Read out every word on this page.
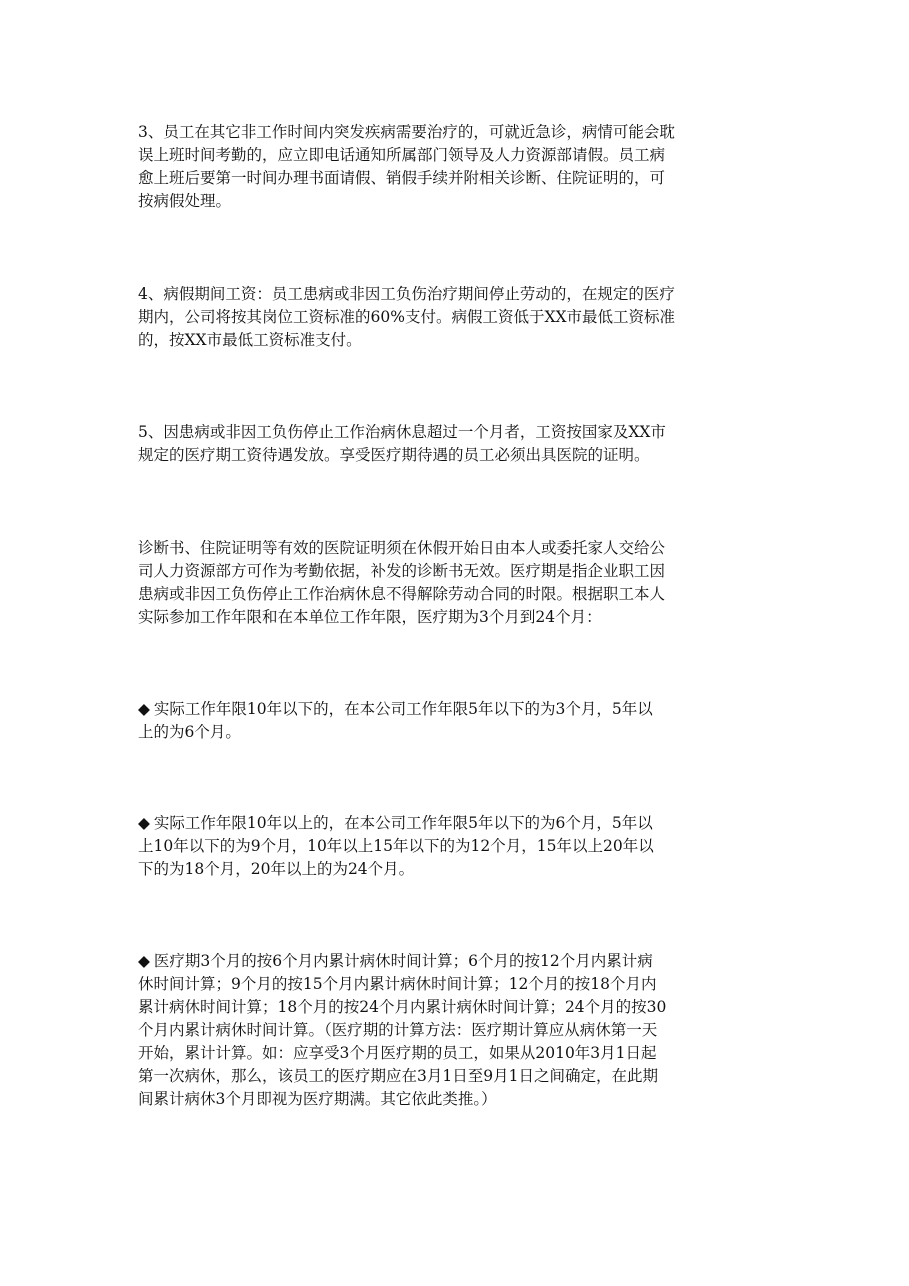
3、员工在其它非工作时间内突发疾病需要治疗的，可就近急诊，病情可能会耽
误上班时间考勤的，应立即电话通知所属部门领导及人力资源部请假。员工病
愈上班后要第一时间办理书面请假、销假手续并附相关诊断、住院证明的，可
按病假处理。

4、病假期间工资：员工患病或非因工负伤治疗期间停止劳动的，在规定的医疗
期内，公司将按其岗位工资标准的60%支付。病假工资低于XX市最低工资标准
的，按XX市最低工资标准支付。

5、因患病或非因工负伤停止工作治病休息超过一个月者，工资按国家及XX市
规定的医疗期工资待遇发放。享受医疗期待遇的员工必须出具医院的证明。

诊断书、住院证明等有效的医院证明须在休假开始日由本人或委托家人交给公
司人力资源部方可作为考勤依据，补发的诊断书无效。医疗期是指企业职工因
患病或非因工负伤停止工作治病休息不得解除劳动合同的时限。根据职工本人
实际参加工作年限和在本单位工作年限，医疗期为3个月到24个月：

◆ 实际工作年限10年以下的，在本公司工作年限5年以下的为3个月，5年以
上的为6个月。

◆ 实际工作年限10年以上的，在本公司工作年限5年以下的为6个月，5年以
上10年以下的为9个月，10年以上15年以下的为12个月，15年以上20年以
下的为18个月，20年以上的为24个月。

◆ 医疗期3个月的按6个月内累计病休时间计算；6个月的按12个月内累计病
休时间计算；9个月的按15个月内累计病休时间计算；12个月的按18个月内
累计病休时间计算；18个月的按24个月内累计病休时间计算；24个月的按30
个月内累计病休时间计算。（医疗期的计算方法：医疗期计算应从病休第一天
开始，累计计算。如：应享受3个月医疗期的员工，如果从2010年3月1日起
第一次病休，那么，该员工的医疗期应在3月1日至9月1日之间确定，在此期
间累计病休3个月即视为医疗期满。其它依此类推。）
